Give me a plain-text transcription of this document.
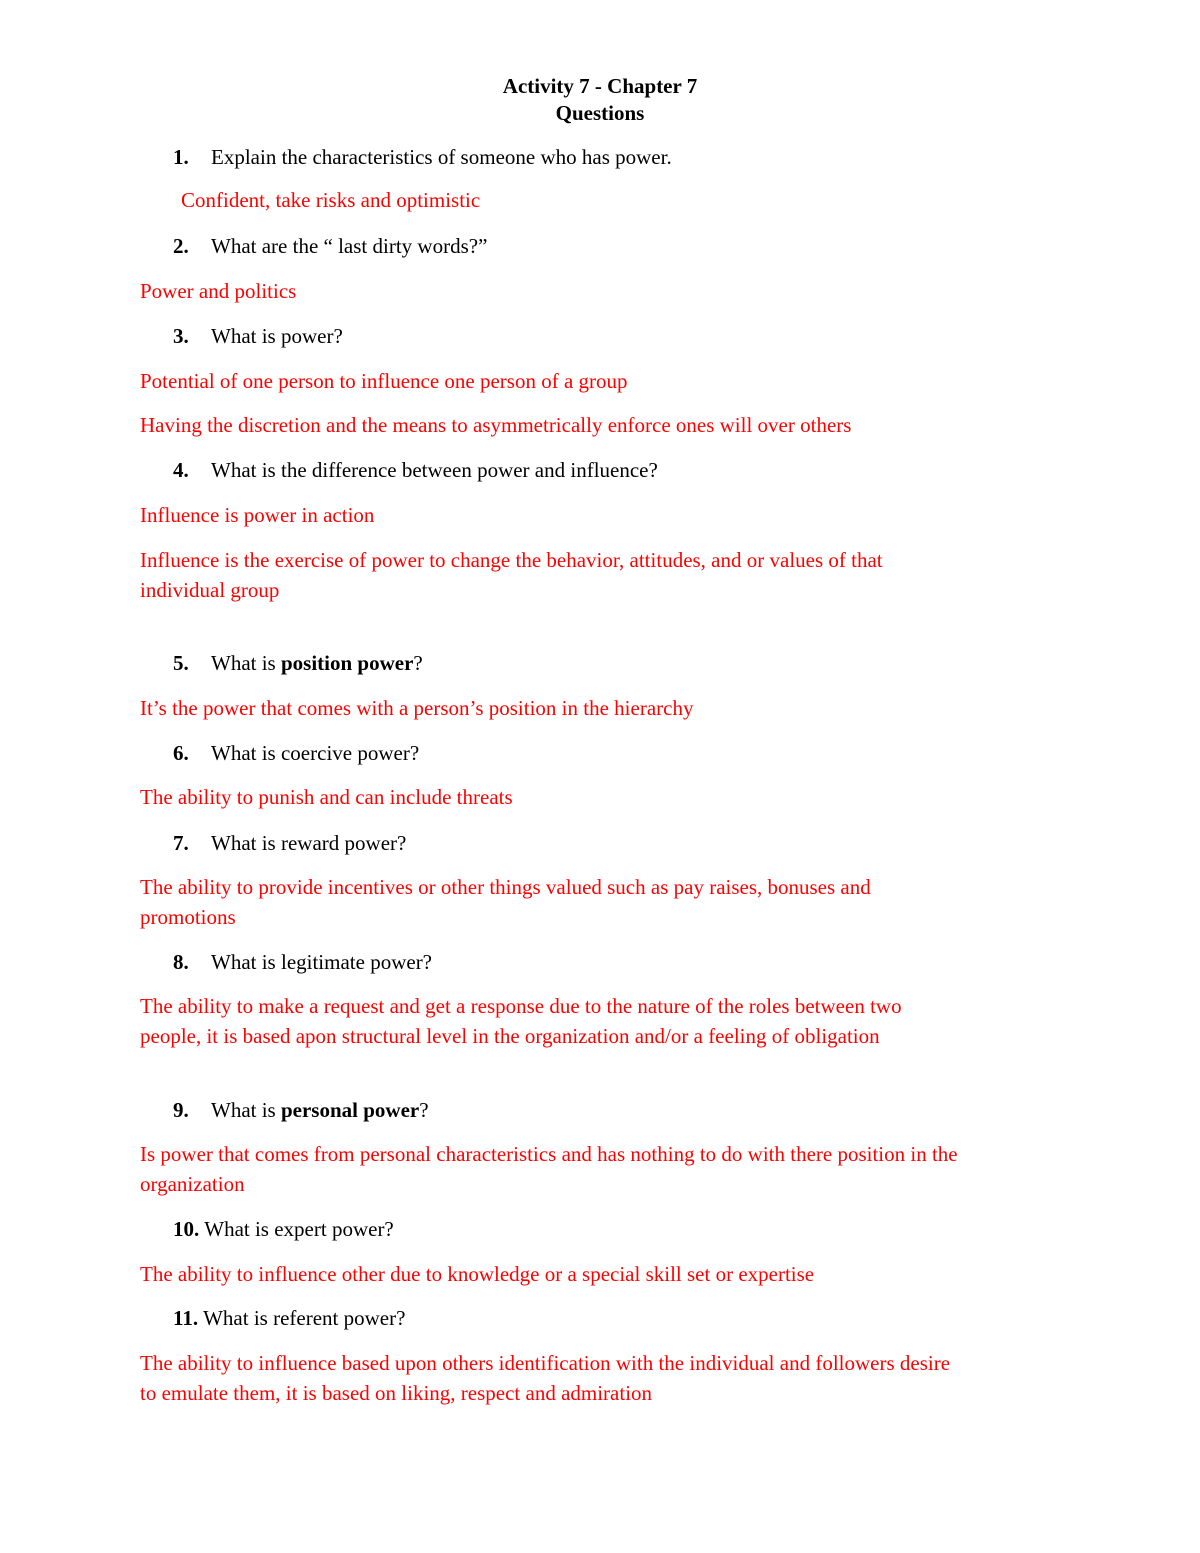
Activity 7 - Chapter 7
Questions
1. Explain the characteristics of someone who has power.
Confident, take risks and optimistic
2. What are the “ last dirty words?”
Power and politics
3. What is power?
Potential of one person to influence one person of a group
Having the discretion and the means to asymmetrically enforce ones will over others
4. What is the difference between power and influence?
Influence is power in action
Influence is the exercise of power to change the behavior, attitudes, and or values of that
individual group
5. What is position power?
It’s the power that comes with a person’s position in the hierarchy
6. What is coercive power?
The ability to punish and can include threats
7. What is reward power?
The ability to provide incentives or other things valued such as pay raises, bonuses and
promotions
8. What is legitimate power?
The ability to make a request and get a response due to the nature of the roles between two
people, it is based apon structural level in the organization and/or a feeling of obligation
9. What is personal power?
Is power that comes from personal characteristics and has nothing to do with there position in the
organization
10. What is expert power?
The ability to influence other due to knowledge or a special skill set or expertise
11. What is referent power?
The ability to influence based upon others identification with the individual and followers desire
to emulate them, it is based on liking, respect and admiration
